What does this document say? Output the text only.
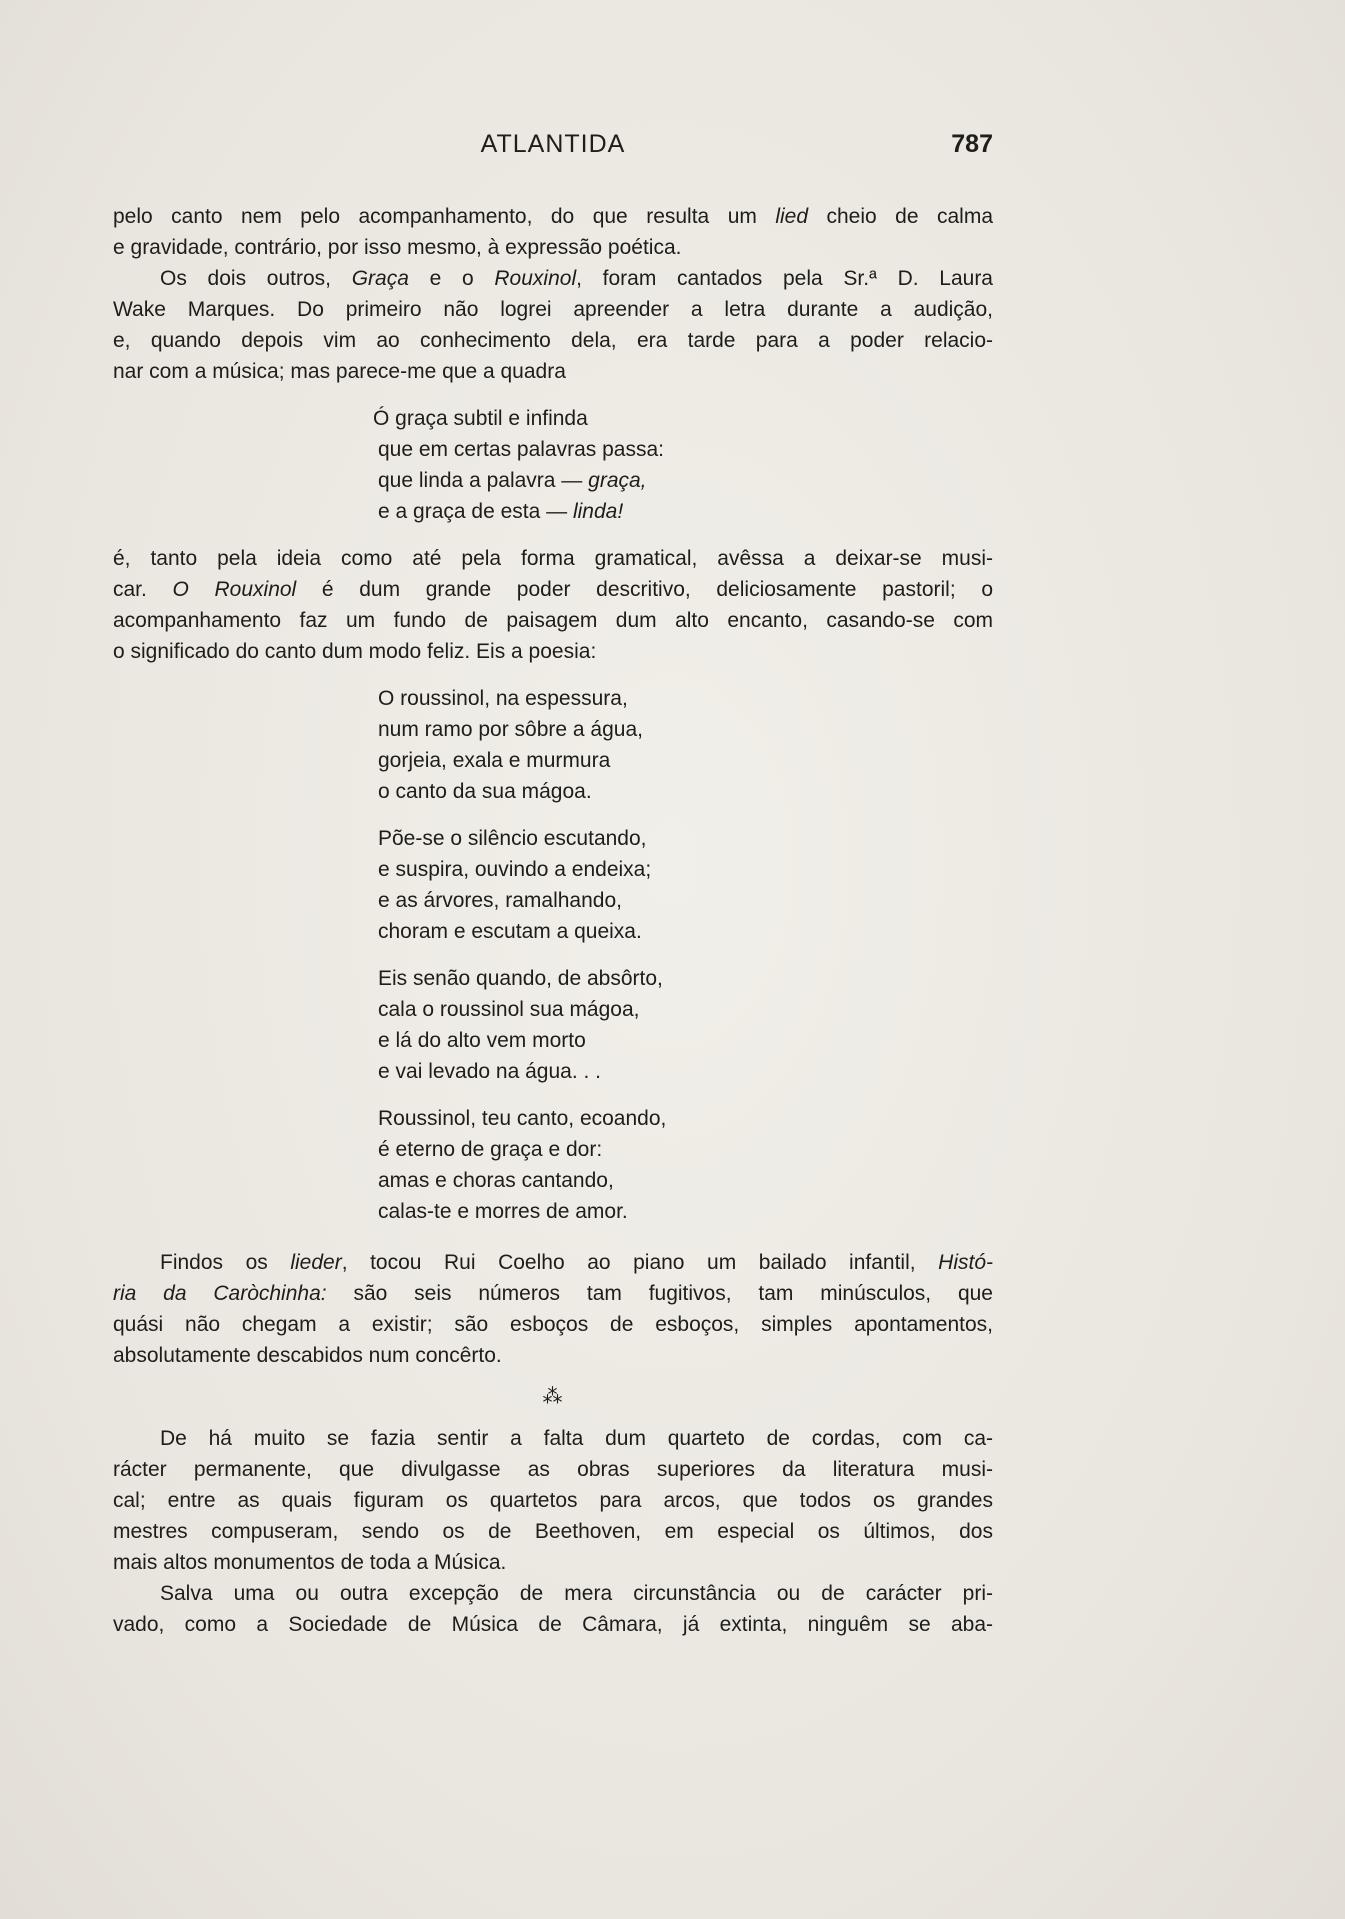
ATLANTIDA	787
pelo canto nem pelo acompanhamento, do que resulta um lied cheio de calma
e gravidade, contrário, por isso mesmo, à expressão poética.
Os dois outros, Graça e o Rouxinol, foram cantados pela Sr.ª D. Laura
Wake Marques. Do primeiro não logrei apreender a letra durante a audição,
e, quando depois vim ao conhecimento dela, era tarde para a poder relacio-
nar com a música; mas parece-me que a quadra
Ó graça subtil e infinda
que em certas palavras passa:
que linda a palavra — graça,
e a graça de esta — linda!
é, tanto pela ideia como até pela forma gramatical, avêssa a deixar-se musi-
car. O Rouxinol é dum grande poder descritivo, deliciosamente pastoril; o
acompanhamento faz um fundo de paisagem dum alto encanto, casando-se com
o significado do canto dum modo feliz. Eis a poesia:
O roussinol, na espessura,
num ramo por sôbre a água,
gorjeia, exala e murmura
o canto da sua mágoa.
Põe-se o silêncio escutando,
e suspira, ouvindo a endeixa;
e as árvores, ramalhando,
choram e escutam a queixa.
Eis senão quando, de absôrto,
cala o roussinol sua mágoa,
e lá do alto vem morto
e vai levado na água. . .
Roussinol, teu canto, ecoando,
é eterno de graça e dor:
amas e choras cantando,
calas-te e morres de amor.
Findos os lieder, tocou Rui Coelho ao piano um bailado infantil, Histó-
ria da Caròchinha: são seis números tam fugitivos, tam minúsculos, que
quási não chegam a existir; são esboços de esboços, simples apontamentos,
absolutamente descabidos num concêrto.
⁂
De há muito se fazia sentir a falta dum quarteto de cordas, com ca-
rácter permanente, que divulgasse as obras superiores da literatura musi-
cal; entre as quais figuram os quartetos para arcos, que todos os grandes
mestres compuseram, sendo os de Beethoven, em especial os últimos, dos
mais altos monumentos de toda a Música.
Salva uma ou outra excepção de mera circunstância ou de carácter pri-
vado, como a Sociedade de Música de Câmara, já extinta, ninguêm se aba-
